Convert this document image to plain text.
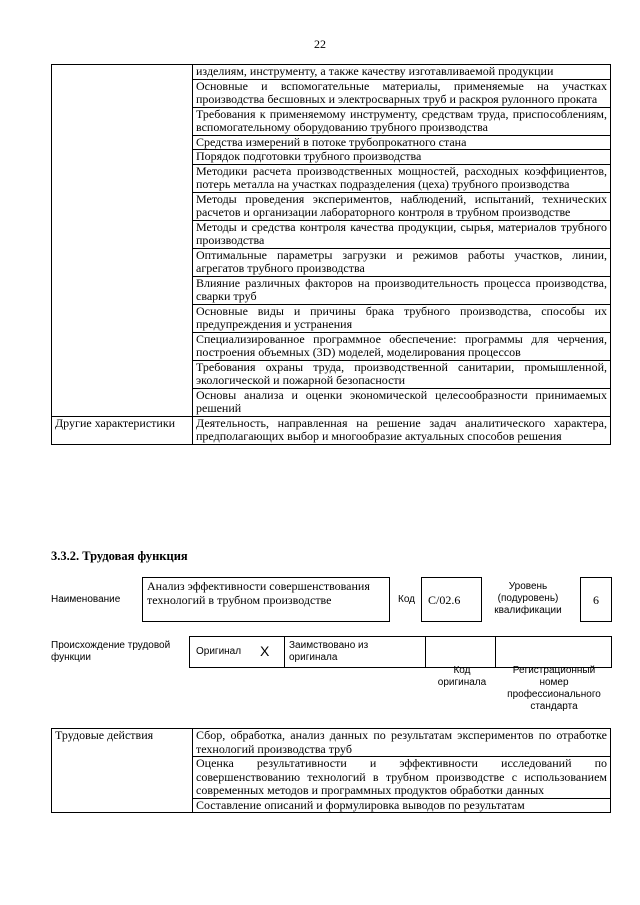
22
	изделиям, инструменту, а также качеству изготавливаемой продукции
	Основные и вспомогательные материалы, применяемые на участках производства бесшовных и электросварных труб и раскроя рулонного проката
	Требования к применяемому инструменту, средствам труда, приспособлениям, вспомогательному оборудованию трубного производства
	Средства измерений в потоке трубопрокатного стана
	Порядок подготовки трубного производства
	Методики расчета производственных мощностей, расходных коэффициентов, потерь металла на участках подразделения (цеха) трубного производства
	Методы проведения экспериментов, наблюдений, испытаний, технических расчетов и организации лабораторного контроля в трубном производстве
	Методы и средства контроля качества продукции, сырья, материалов трубного производства
	Оптимальные параметры загрузки и режимов работы участков, линии, агрегатов трубного производства
	Влияние различных факторов на производительность процесса производства, сварки труб
	Основные виды и причины брака трубного производства, способы их предупреждения и устранения
	Специализированное программное обеспечение: программы для черчения, построения объемных (3D) моделей, моделирования процессов
	Требования охраны труда, производственной санитарии, промышленной, экологической и пожарной безопасности
	Основы анализа и оценки экономической целесообразности принимаемых решений
Другие характеристики	Деятельность, направленная на решение задач аналитического характера, предполагающих выбор и многообразие актуальных способов решения
3.3.2. Трудовая функция
Наименование
Анализ эффективности совершенствования технологий в трубном производстве	Код	C/02.6
Уровень (подуровень) квалификации
6
Происхождение трудовой функции
Оригинал X Заимствовано из оригинала
Код оригинала
Регистрационный номер профессионального стандарта
Трудовые действия	Сбор, обработка, анализ данных по результатам экспериментов по отработке технологий производства труб
Оценка результативности и эффективности исследований по совершенствованию технологий в трубном производстве с использованием современных методов и программных продуктов обработки данных
Составление описаний и формулировка выводов по результатам
